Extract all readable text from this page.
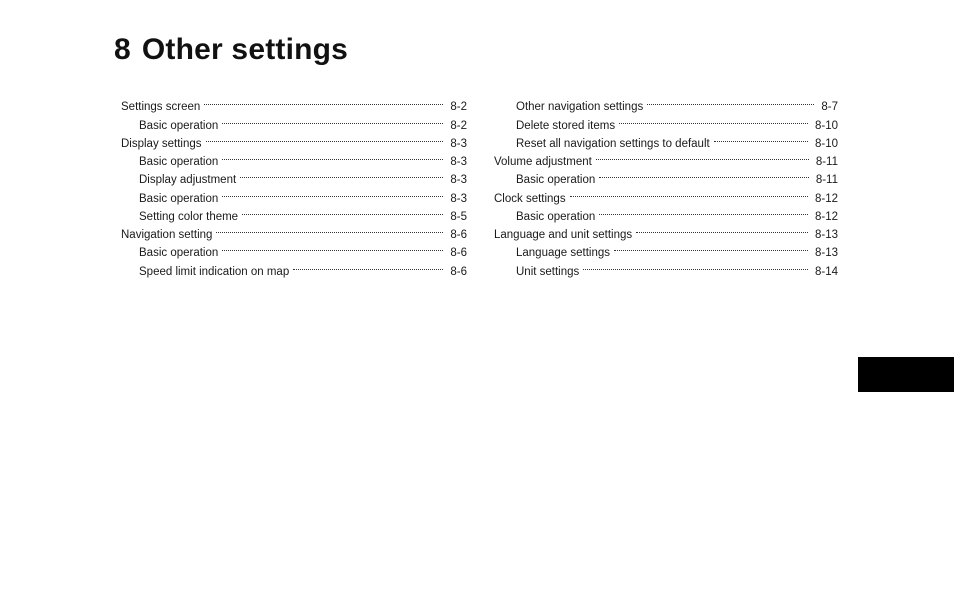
8 Other settings
Settings screen	8-2
Basic operation	8-2
Display settings	8-3
Basic operation	8-3
Display adjustment	8-3
Basic operation	8-3
Setting color theme	8-5
Navigation setting	8-6
Basic operation	8-6
Speed limit indication on map	8-6
Other navigation settings	8-7
Delete stored items	8-10
Reset all navigation settings to default	8-10
Volume adjustment	8-11
Basic operation	8-11
Clock settings	8-12
Basic operation	8-12
Language and unit settings	8-13
Language settings	8-13
Unit settings	8-14
